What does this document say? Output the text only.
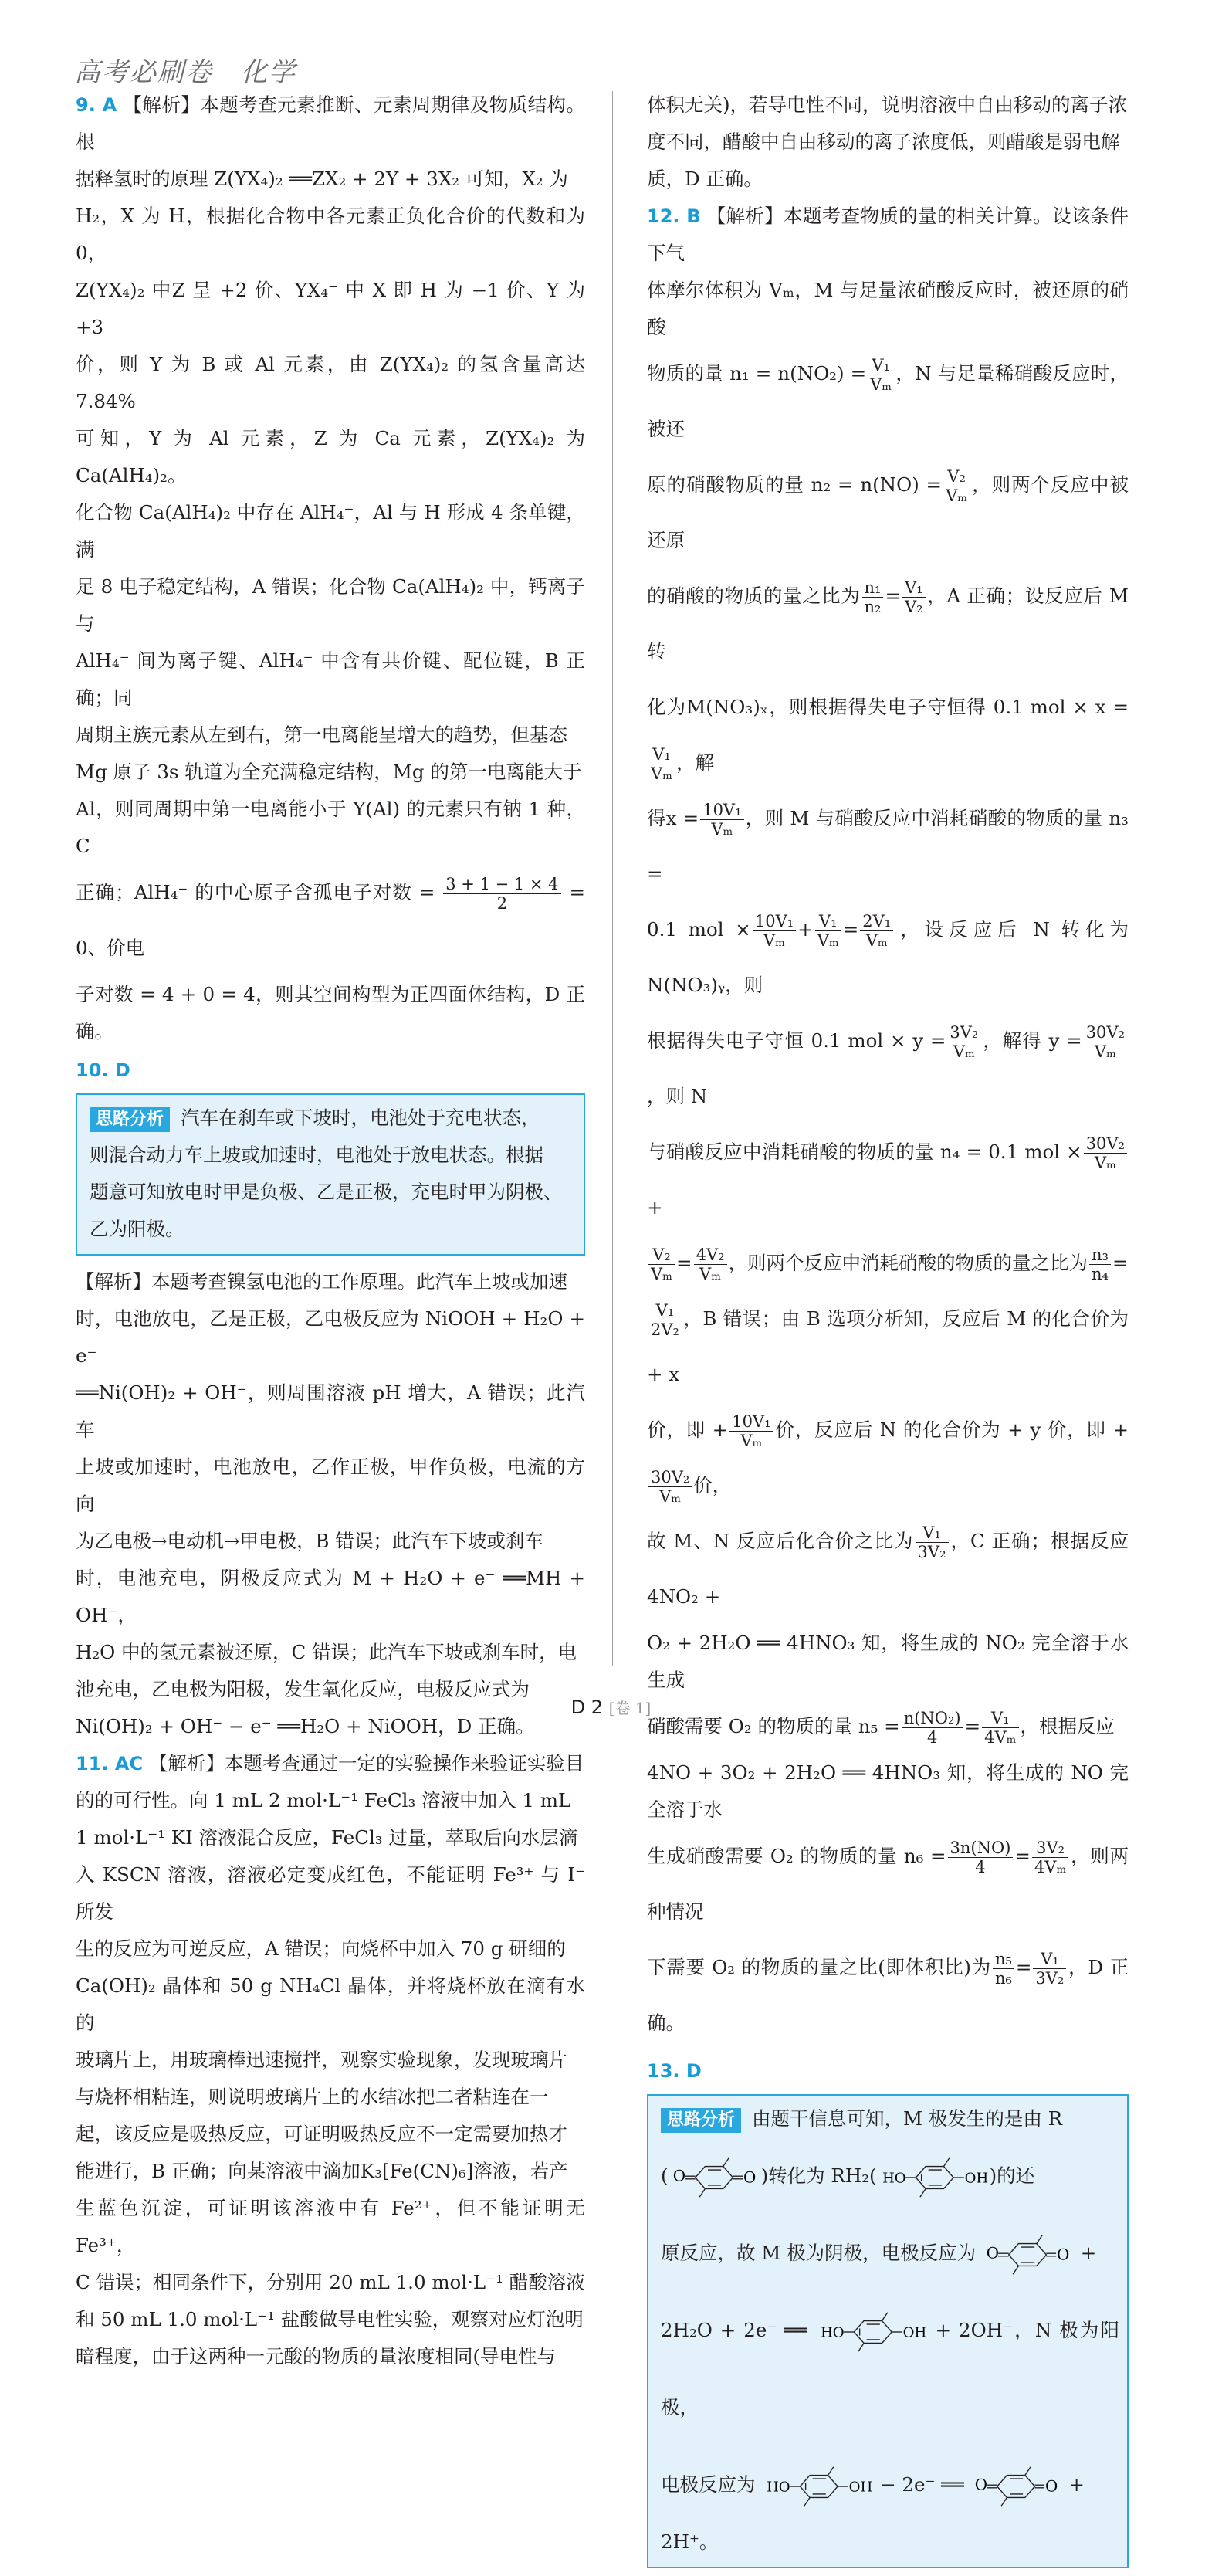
高考必刷卷　化学

9. A 【解析】本题考查元素推断、元素周期律及物质结构。根

据释氢时的原理 Z(YX₄)₂ ══ZX₂ + 2Y + 3X₂ 可知，X₂ 为

H₂，X 为 H，根据化合物中各元素正负化合价的代数和为 0，

Z(YX₄)₂ 中Z 呈 +2 价、YX₄⁻ 中 X 即 H 为 −1 价、Y 为 +3

价，则 Y 为 B 或 Al 元素，由 Z(YX₄)₂ 的氢含量高达 7.84%

可知，Y 为 Al 元素，Z 为 Ca 元素，Z(YX₄)₂ 为Ca(AlH₄)₂。

化合物 Ca(AlH₄)₂ 中存在 AlH₄⁻，Al 与 H 形成 4 条单键，满

足 8 电子稳定结构，A 错误；化合物 Ca(AlH₄)₂ 中，钙离子与

AlH₄⁻ 间为离子键、AlH₄⁻ 中含有共价键、配位键，B 正确；同

周期主族元素从左到右，第一电离能呈增大的趋势，但基态

Mg 原子 3s 轨道为全充满稳定结构，Mg 的第一电离能大于

Al，则同周期中第一电离能小于 Y(Al) 的元素只有钠 1 种，C

正确；AlH₄⁻ 的中心原子含孤电子对数 = $\frac{3 + 1 - 1 \times 4}{2} = 0$、价电

子对数 = 4 + 0 = 4，则其空间构型为正四面体结构，D 正确。

10. D

思路分析 汽车在刹车或下坡时，电池处于充电状态，

则混合动力车上坡或加速时，电池处于放电状态。根据

题意可知放电时甲是负极、乙是正极，充电时甲为阴极、

乙为阳极。

【解析】本题考查镍氢电池的工作原理。此汽车上坡或加速

时，电池放电，乙是正极，乙电极反应为 NiOOH + H₂O + e⁻

══Ni(OH)₂ + OH⁻，则周围溶液 pH 增大，A 错误；此汽车

上坡或加速时，电池放电，乙作正极，甲作负极，电流的方向

为乙电极→电动机→甲电极，B 错误；此汽车下坡或刹车

时，电池充电，阴极反应式为 M + H₂O + e⁻ ══MH + OH⁻，

H₂O 中的氢元素被还原，C 错误；此汽车下坡或刹车时，电

池充电，乙电极为阳极，发生氧化反应，电极反应式为

Ni(OH)₂ + OH⁻ − e⁻ ══H₂O + NiOOH，D 正确。

11. AC 【解析】本题考查通过一定的实验操作来验证实验目

的的可行性。向 1 mL 2 mol·L⁻¹ FeCl₃ 溶液中加入 1 mL

1 mol·L⁻¹ KI 溶液混合反应，FeCl₃ 过量，萃取后向水层滴

入 KSCN 溶液，溶液必定变成红色，不能证明 Fe³⁺ 与 I⁻ 所发

生的反应为可逆反应，A 错误；向烧杯中加入 70 g 研细的

Ca(OH)₂ 晶体和 50 g NH₄Cl 晶体，并将烧杯放在滴有水的

玻璃片上，用玻璃棒迅速搅拌，观察实验现象，发现玻璃片

与烧杯相粘连，则说明玻璃片上的水结冰把二者粘连在一

起，该反应是吸热反应，可证明吸热反应不一定需要加热才

能进行，B 正确；向某溶液中滴加K₃[Fe(CN)₆]溶液，若产

生蓝色沉淀，可证明该溶液中有 Fe²⁺，但不能证明无 Fe³⁺，

C 错误；相同条件下，分别用 20 mL 1.0 mol·L⁻¹ 醋酸溶液

和 50 mL 1.0 mol·L⁻¹ 盐酸做导电性实验，观察对应灯泡明

暗程度，由于这两种一元酸的物质的量浓度相同(导电性与

体积无关)，若导电性不同，说明溶液中自由移动的离子浓

度不同，醋酸中自由移动的离子浓度低，则醋酸是弱电解

质，D 正确。

12. B 【解析】本题考查物质的量的相关计算。设该条件下气

体摩尔体积为 Vₘ，M 与足量浓硝酸反应时，被还原的硝酸

物质的量 $n_1 = n(NO_2) = \frac{\text{V₁}}{\text{Vₘ}}$ ，N 与足量稀硝酸反应时，被还

原的硝酸物质的量 $n_2 = n(NO) = \frac{\text{V₂}}{\text{Vₘ}}$ ，则两个反应中被还原

的硝酸的物质的量之比为 $\frac{\text{n₁}}{\text{n₂}} = \frac{\text{V₁}}{\text{V₂}}$ ，A 正确；设反应后 M 转

化为M(NO₃)ₓ，则根据得失电子守恒得 0.1 mol × x =
$\frac{\text{V₁}}{\text{Vₘ}}$ ，解

得$x = \frac{\text{10V₁}}{\text{Vₘ}}$ ，则 M 与硝酸反应中消耗硝酸的物质的量 n₃ =

0.1 mol × $\frac{\text{10V₁}}{\text{Vₘ}} + \frac{\text{V₁}}{\text{Vₘ}} = \frac{\text{2V₁}}{\text{Vₘ}}$ ，设反应后 N 转化为 N(NO₃)ᵧ，则

根据得失电子守恒 0.1 mol × $y = \frac{\text{3V₂}}{\text{Vₘ}}$ ，解得 $y = \frac{\text{30V₂}}{\text{Vₘ}}$
，则 N

与硝酸反应中消耗硝酸的物质的量 n₄ = 0.1 mol × $\frac{\text{30V₂}}{\text{Vₘ}}$
+

$\frac{\text{V₂}}{\text{Vₘ}} = \frac{\text{4V₂}}{\text{Vₘ}}$ ，则两个反应中消耗硝酸的物质的量之比为 $\frac{\text{n₃}}{\text{n₄}}$ =

$\frac{\text{V₁}}{\text{2V₂}}$ ，B 错误；由 B 选项分析知，反应后 M 的化合价为 + x

价，即 + $\frac{\text{10V₁}}{\text{Vₘ}}$ 价，反应后 N 的化合价为 + y 价，即 +
$\frac{\text{30V₂}}{\text{Vₘ}}$ 价，

故 M、N 反应后化合价之比为 $\frac{\text{V₁}}{\text{3V₂}}$ ，C 正确；根据反应 4NO₂ +

O₂ + 2H₂O ══ 4HNO₃ 知，将生成的 NO₂ 完全溶于水生成

硝酸需要 O₂ 的物质的量 $n_5 = \frac{\text{n(NO₂)}}{4} = \frac{\text{V₁}}{\text{4Vₘ}}$ ，根据反应

4NO + 3O₂ + 2H₂O ══ 4HNO₃ 知，将生成的 NO 完全溶于水

生成硝酸需要 O₂ 的物质的量 $n_6 = \frac{3n(NO)}{4} = \frac{\text{3V₂}}{\text{4Vₘ}}$ ，则两种情况

下需要 O₂ 的物质的量之比(即体积比)为 $\frac{\text{n₅}}{\text{n₆}} = \frac{\text{V₁}}{\text{3V₂}}$ ，D 正确。

13. D

思路分析 由题干信息可知，M 极发生的是由 R

(	)转化为 RH₂(	)的还

原反应，故 M 极为阴极，电极反应为	+

2H₂O + 2e⁻ ══	+ 2OH⁻，N 极为阳极，

电极反应为	− 2e⁻ ══	+

2H⁺。

D 2 [卷 1]
